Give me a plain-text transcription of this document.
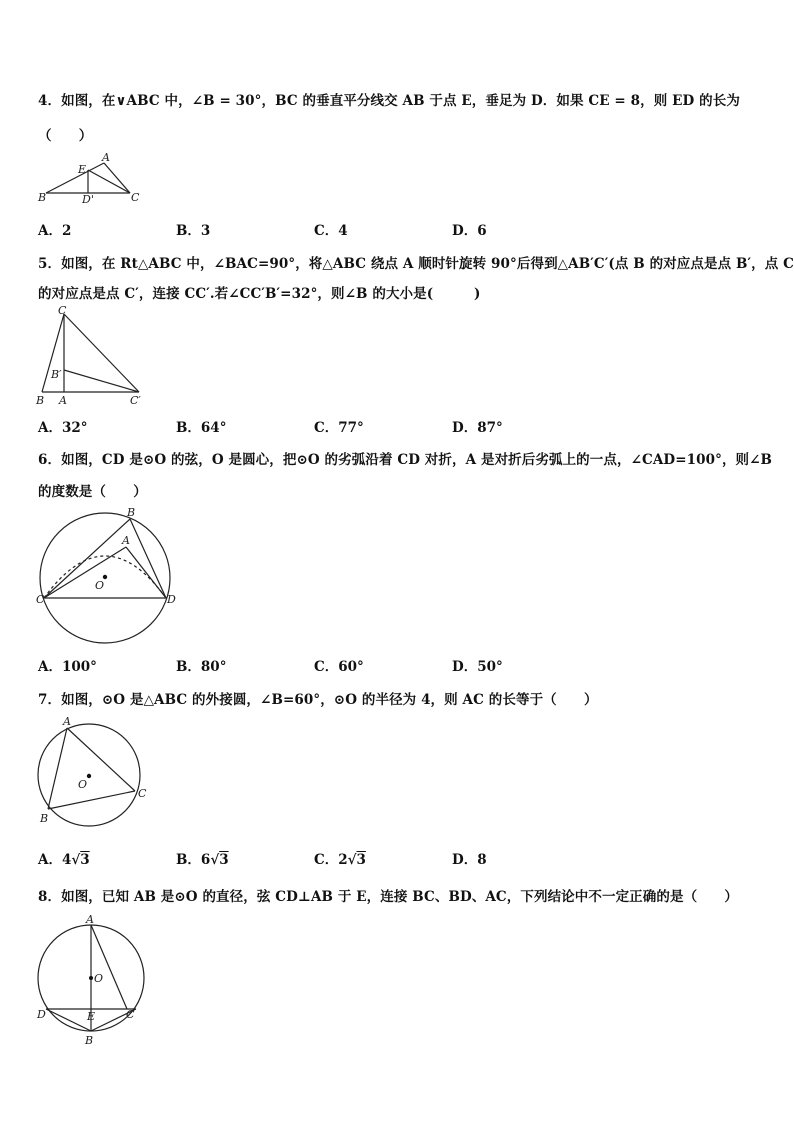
4．如图，在∨ABC 中，∠B = 30°，BC 的垂直平分线交 AB 于点 E，垂足为 D．如果 CE = 8，则 ED 的长为
（　　）
B
A
C
E
D'
A．2	B．3	C．4	D．6
5．如图，在 Rt△ABC 中，∠BAC=90°，将△ABC 绕点 A 顺时针旋转 90°后得到△AB′C′(点 B 的对应点是点 B′，点 C
的对应点是点 C′，连接 CC′.若∠CC′B′=32°，则∠B 的大小是(　　　)
C
B′
B A	C′
A．32°	B．64°	C．77°	D．87°
6．如图，CD 是⊙O 的弦，O 是圆心，把⊙O 的劣弧沿着 CD 对折，A 是对折后劣弧上的一点，∠CAD=100°，则∠B
的度数是（　　）
B
A
O
C	D
A．100°	B．80°	C．60°	D．50°
7．如图，⊙O 是△ABC 的外接圆，∠B=60°，⊙O 的半径为 4，则 AC 的长等于（　　）
A
O
C
B
A．4√3	B．6√3	C．2√3	D．8
8．如图，已知 AB 是⊙O 的直径，弦 CD⊥AB 于 E，连接 BC、BD、AC，下列结论中不一定正确的是（　　）
A
O
D	E	C
B
